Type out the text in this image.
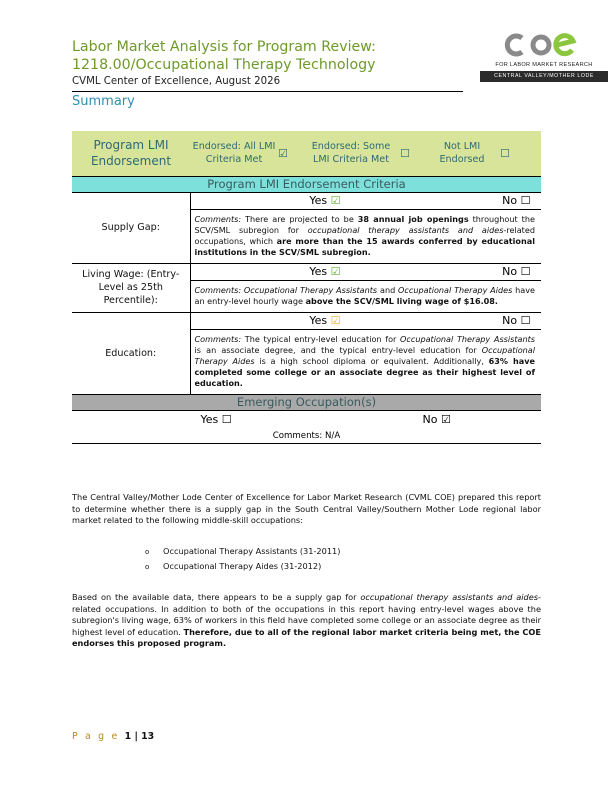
Labor Market Analysis for Program Review:
1218.00/Occupational Therapy Technology
CVML Center of Excellence, August 2026
Summary
FOR LABOR MARKET RESEARCH
CENTRAL VALLEY/MOTHER LODE
Program LMI Endorsement	Endorsed: All LMI Criteria Met	☑	Endorsed: Some LMI Criteria Met	☐	Not LMI Endorsed	☐
Program LMI Endorsement Criteria						
Supply Gap:	Yes ☑ No ☐					
	Comments: There are projected to be 38 annual job openings throughout the SCV/SML subregion for occupational therapy assistants and aides-related occupations, which are more than the 15 awards conferred by educational institutions in the SCV/SML subregion.					
Living Wage: (Entry-Level as 25th Percentile):	Yes ☑ No ☐					
	Comments: Occupational Therapy Assistants and Occupational Therapy Aides have an entry-level hourly wage above the SCV/SML living wage of $16.08.					
Education:	Yes ☑ No ☐					
	Comments: The typical entry-level education for Occupational Therapy Assistants is an associate degree, and the typical entry-level education for Occupational Therapy Aides is a high school diploma or equivalent. Additionally, 63% have completed some college or an associate degree as their highest level of education.					
Emerging Occupation(s)						
Yes ☐ No ☑						
Comments: N/A						
The Central Valley/Mother Lode Center of Excellence for Labor Market Research (CVML COE) prepared this report to determine whether there is a supply gap in the South Central Valley/Southern Mother Lode regional labor market related to the following middle-skill occupations:
o Occupational Therapy Assistants (31-2011)
o Occupational Therapy Aides (31-2012)
Based on the available data, there appears to be a supply gap for occupational therapy assistants and aides-related occupations. In addition to both of the occupations in this report having entry-level wages above the subregion's living wage, 63% of workers in this field have completed some college or an associate degree as their highest level of education. Therefore, due to all of the regional labor market criteria being met, the COE endorses this proposed program.
P a g e 1 | 13
